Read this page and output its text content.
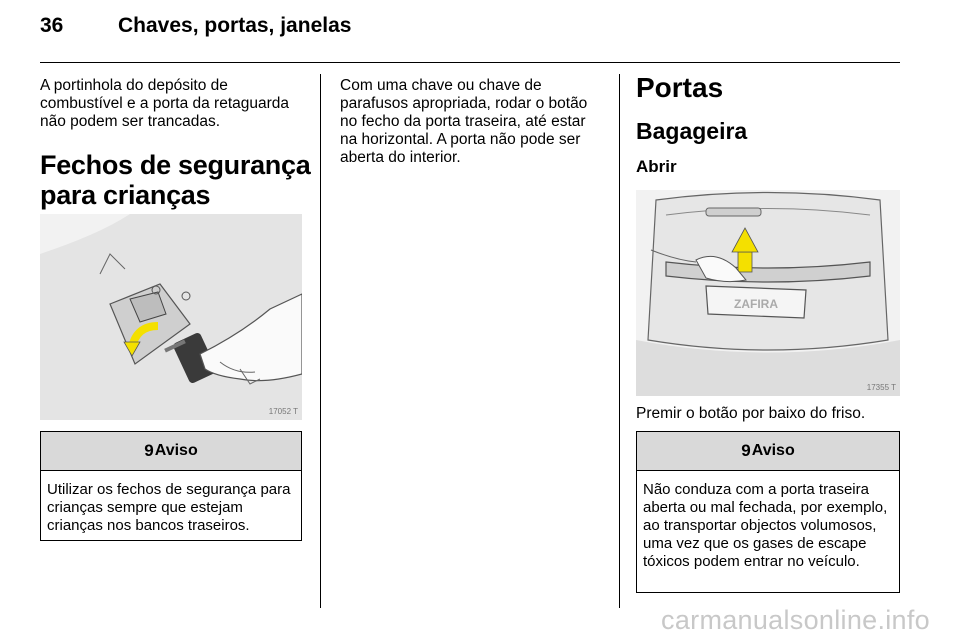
36	Chaves, portas, janelas
A portinhola do depósito de combustível e a porta da retaguarda não podem ser trancadas.
Fechos de segurança para crianças
17052 T
9 Aviso
Utilizar os fechos de segurança para crianças sempre que estejam crianças nos bancos traseiros.
Com uma chave ou chave de parafusos apropriada, rodar o botão no fecho da porta traseira, até estar na horizontal. A porta não pode ser aberta do interior.
Portas
Bagageira
Abrir
ZAFIRA
17355 T
Premir o botão por baixo do friso.
9 Aviso
Não conduza com a porta traseira aberta ou mal fechada, por exemplo, ao transportar objectos volumosos, uma vez que os gases de escape tóxicos podem entrar no veículo.
carmanualsonline.info
